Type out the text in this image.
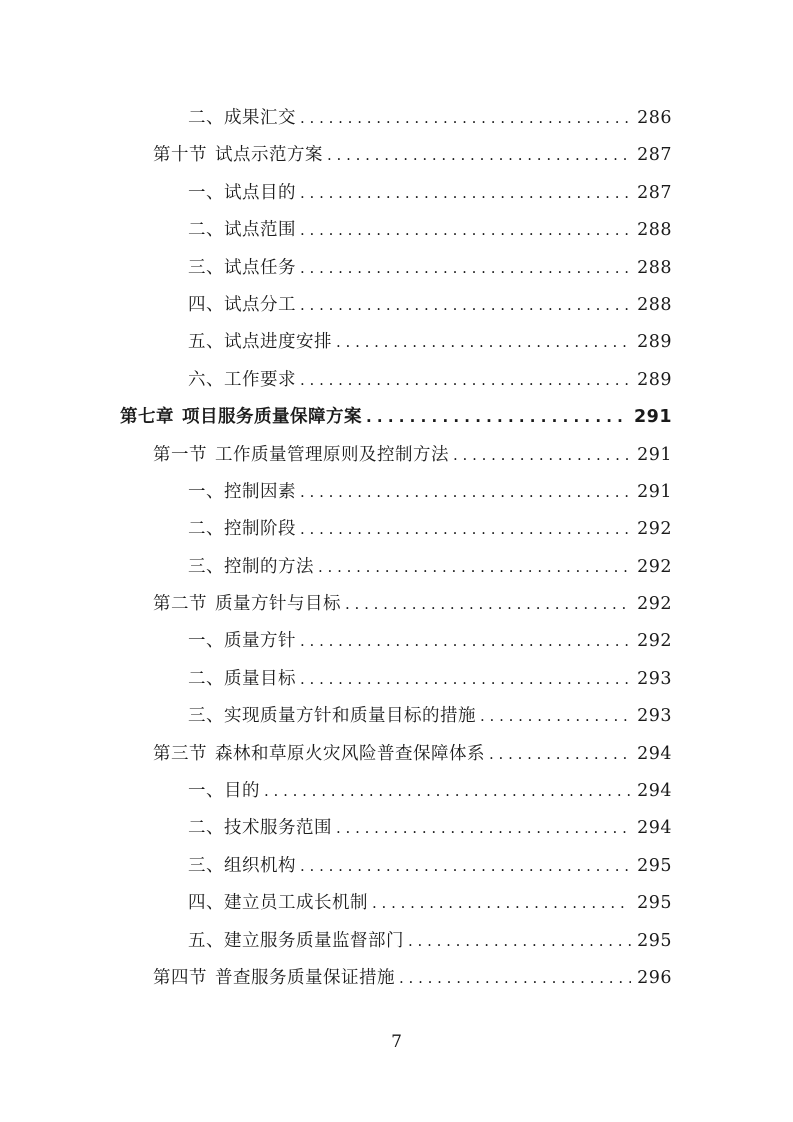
二、成果汇交 . . .	286
第十节 试点示范方案 . . .	287
一、试点目的 . . .	287
二、试点范围 . . .	288
三、试点任务 . . .	288
四、试点分工 . . .	288
五、试点进度安排 . . .	289
六、工作要求 . . .	289
第七章 项目服务质量保障方案 . . .	291
第一节 工作质量管理原则及控制方法 . . .	291
一、控制因素 . . .	291
二、控制阶段 . . .	292
三、控制的方法 . . .	292
第二节 质量方针与目标 . . .	292
一、质量方针 . . .	292
二、质量目标 . . .	293
三、实现质量方针和质量目标的措施 . . .	293
第三节 森林和草原火灾风险普查保障体系 . . .	294
一、目的 . . .	294
二、技术服务范围 . . .	294
三、组织机构 . . .	295
四、建立员工成长机制 . . .	295
五、建立服务质量监督部门 . . .	295
第四节 普查服务质量保证措施 . . .	296
7
